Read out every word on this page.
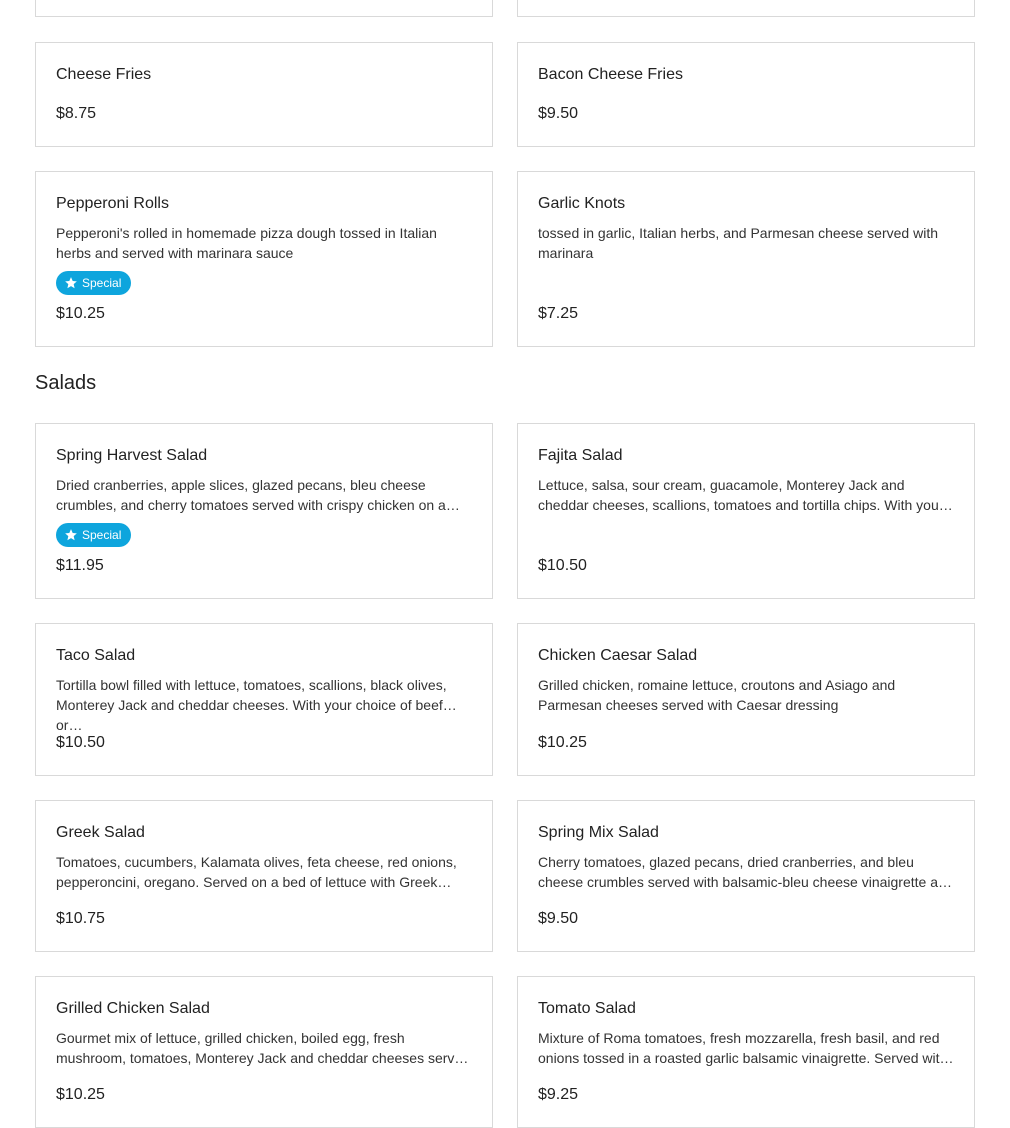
Cheese Fries
$8.75
Bacon Cheese Fries
$9.50
Pepperoni Rolls
Pepperoni's rolled in homemade pizza dough tossed in Italian herbs and served with marinara sauce
Special
$10.25
Garlic Knots
tossed in garlic, Italian herbs, and Parmesan cheese served with marinara
$7.25
Salads
Spring Harvest Salad
Dried cranberries, apple slices, glazed pecans, bleu cheese crumbles, and cherry tomatoes served with crispy chicken on a…
Special
$11.95
Fajita Salad
Lettuce, salsa, sour cream, guacamole, Monterey Jack and cheddar cheeses, scallions, tomatoes and tortilla chips. With you…
$10.50
Taco Salad
Tortilla bowl filled with lettuce, tomatoes, scallions, black olives, Monterey Jack and cheddar cheeses. With your choice of beef or…
$10.50
Chicken Caesar Salad
Grilled chicken, romaine lettuce, croutons and Asiago and Parmesan cheeses served with Caesar dressing
$10.25
Greek Salad
Tomatoes, cucumbers, Kalamata olives, feta cheese, red onions, pepperoncini, oregano. Served on a bed of lettuce with Greek…
$10.75
Spring Mix Salad
Cherry tomatoes, glazed pecans, dried cranberries, and bleu cheese crumbles served with balsamic-bleu cheese vinaigrette a…
$9.50
Grilled Chicken Salad
Gourmet mix of lettuce, grilled chicken, boiled egg, fresh mushroom, tomatoes, Monterey Jack and cheddar cheeses serv…
$10.25
Tomato Salad
Mixture of Roma tomatoes, fresh mozzarella, fresh basil, and red onions tossed in a roasted garlic balsamic vinaigrette. Served wit…
$9.25
